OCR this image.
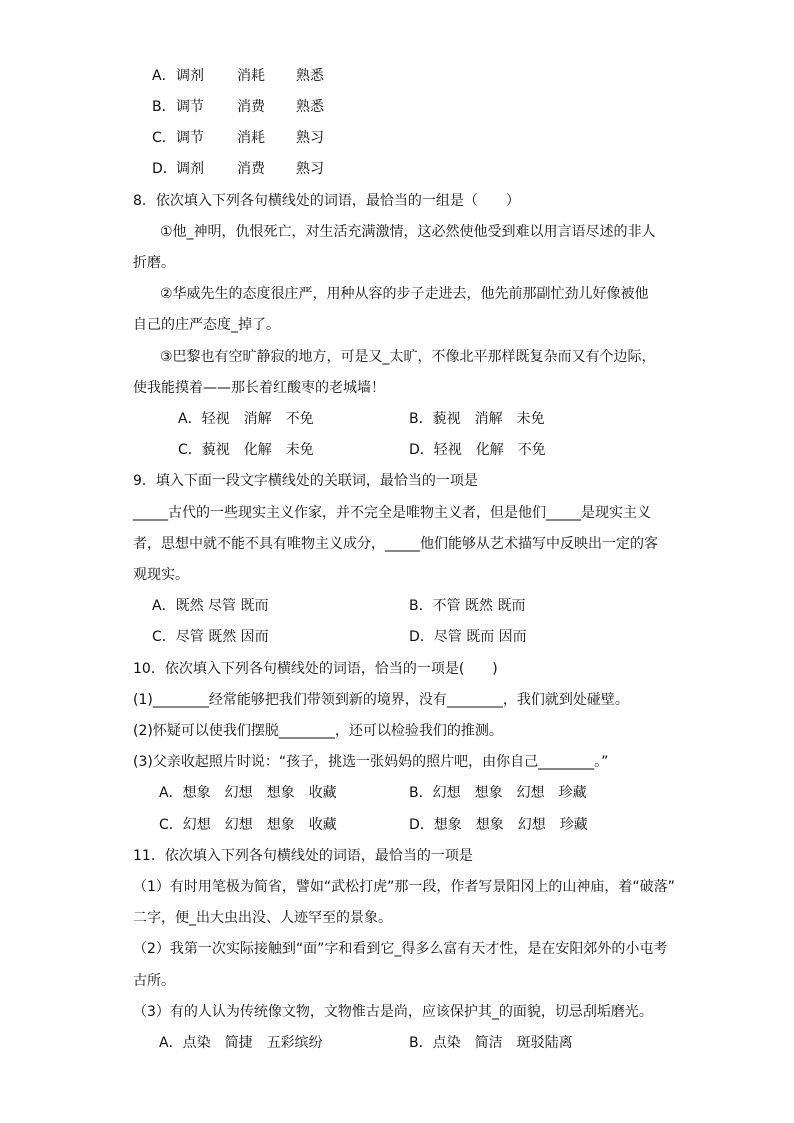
A． 调剂 消耗 熟悉
B． 调节 消费 熟悉
C． 调节 消耗 熟习
D． 调剂 消费 熟习
8．依次填入下列各句横线处的词语，最恰当的一组是（　　）
①他_神明，仇恨死亡，对生活充满激情，这必然使他受到难以用言语尽述的非人
折磨。
②华威先生的态度很庄严，用种从容的步子走进去，他先前那副忙劲儿好像被他
自己的庄严态度_掉了。
③巴黎也有空旷静寂的地方，可是又_太旷，不像北平那样既复杂而又有个边际，
使我能摸着——那长着红酸枣的老城墙！
A．轻视　消解　不免	B．藐视　消解　未免
C．藐视　化解　未免	D．轻视　化解　不免
9．填入下面一段文字横线处的关联词，最恰当的一项是
_____古代的一些现实主义作家，并不完全是唯物主义者，但是他们_____是现实主义
者，思想中就不能不具有唯物主义成分，_____他们能够从艺术描写中反映出一定的客
观现实。
A．既然 尽管 既而	B．不管 既然 既而
C．尽管 既然 因而	D．尽管 既而 因而
10．依次填入下列各句横线处的词语，恰当的一项是(　　)
(1)________经常能够把我们带领到新的境界，没有________，我们就到处碰壁。
(2)怀疑可以使我们摆脱________，还可以检验我们的推测。
(3)父亲收起照片时说：“孩子，挑选一张妈妈的照片吧，由你自己________。”
A．想象　幻想　想象　收藏	B．幻想　想象　幻想　珍藏
C．幻想　幻想　想象　收藏	D．想象　想象　幻想　珍藏
11．依次填入下列各句横线处的词语，最恰当的一项是
（1）有时用笔极为简省，譬如“武松打虎”那一段，作者写景阳冈上的山神庙，着“破落”
二字，便_出大虫出没、人迹罕至的景象。
（2）我第一次实际接触到“面”字和看到它_得多么富有天才性，是在安阳郊外的小屯考
古所。
（3）有的人认为传统像文物，文物惟古是尚，应该保护其_的面貌，切忌刮垢磨光。
A．点染　简捷　五彩缤纷	B．点染　简洁　斑驳陆离
